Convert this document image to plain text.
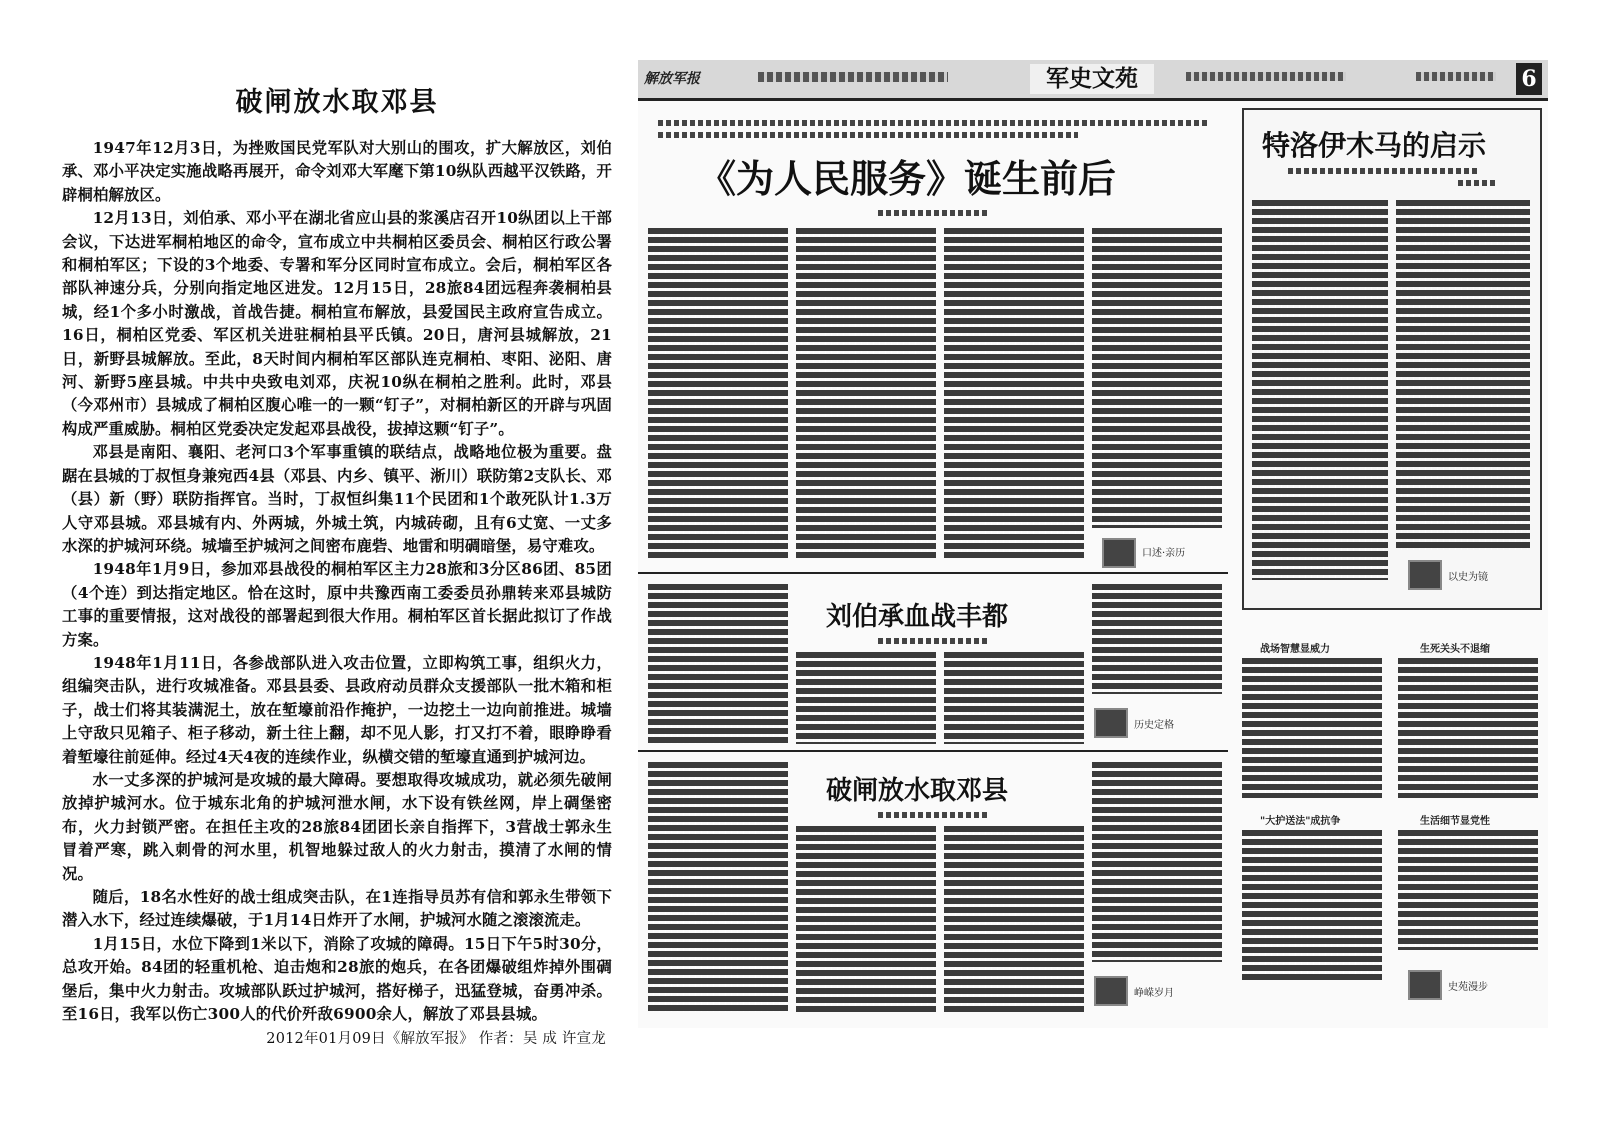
破闸放水取邓县

1947年12月3日，为挫败国民党军队对大别山的围攻，扩大解放区，刘伯承、邓小平决定实施战略再展开，命令刘邓大军麾下第10纵队西越平汉铁路，开辟桐柏解放区。

12月13日，刘伯承、邓小平在湖北省应山县的浆溪店召开10纵团以上干部会议，下达进军桐柏地区的命令，宣布成立中共桐柏区委员会、桐柏区行政公署和桐柏军区；下设的3个地委、专署和军分区同时宣布成立。会后，桐柏军区各部队神速分兵，分别向指定地区进发。12月15日，28旅84团远程奔袭桐柏县城，经1个多小时激战，首战告捷。桐柏宣布解放，县爱国民主政府宣告成立。16日，桐柏区党委、军区机关进驻桐柏县平氏镇。20日，唐河县城解放，21日，新野县城解放。至此，8天时间内桐柏军区部队连克桐柏、枣阳、泌阳、唐河、新野5座县城。中共中央致电刘邓，庆祝10纵在桐柏之胜利。此时，邓县（今邓州市）县城成了桐柏区腹心唯一的一颗“钉子”，对桐柏新区的开辟与巩固构成严重威胁。桐柏区党委决定发起邓县战役，拔掉这颗“钉子”。

邓县是南阳、襄阳、老河口3个军事重镇的联结点，战略地位极为重要。盘踞在县城的丁叔恒身兼宛西4县（邓县、内乡、镇平、淅川）联防第2支队长、邓（县）新（野）联防指挥官。当时，丁叔恒纠集11个民团和1个敢死队计1.3万人守邓县城。邓县城有内、外两城，外城土筑，内城砖砌，且有6丈宽、一丈多水深的护城河环绕。城墙至护城河之间密布鹿砦、地雷和明碉暗堡，易守难攻。

1948年1月9日，参加邓县战役的桐柏军区主力28旅和3分区86团、85团（4个连）到达指定地区。恰在这时，原中共豫西南工委委员孙鼎转来邓县城防工事的重要情报，这对战役的部署起到很大作用。桐柏军区首长据此拟订了作战方案。

1948年1月11日，各参战部队进入攻击位置，立即构筑工事，组织火力，组编突击队，进行攻城准备。邓县县委、县政府动员群众支援部队一批木箱和柜子，战士们将其装满泥土，放在堑壕前沿作掩护，一边挖土一边向前推进。城墙上守敌只见箱子、柜子移动，新土往上翻，却不见人影，打又打不着，眼睁睁看着堑壕往前延伸。经过4天4夜的连续作业，纵横交错的堑壕直通到护城河边。

水一丈多深的护城河是攻城的最大障碍。要想取得攻城成功，就必须先破闸放掉护城河水。位于城东北角的护城河泄水闸，水下设有铁丝网，岸上碉堡密布，火力封锁严密。在担任主攻的28旅84团团长亲自指挥下，3营战士郭永生冒着严寒，跳入刺骨的河水里，机智地躲过敌人的火力射击，摸清了水闸的情况。

随后，18名水性好的战士组成突击队，在1连指导员苏有信和郭永生带领下潜入水下，经过连续爆破，于1月14日炸开了水闸，护城河水随之滚滚流走。

1月15日，水位下降到1米以下，消除了攻城的障碍。15日下午5时30分，总攻开始。84团的轻重机枪、迫击炮和28旅的炮兵，在各团爆破组炸掉外围碉堡后，集中火力射击。攻城部队跃过护城河，搭好梯子，迅猛登城，奋勇冲杀。至16日，我军以伤亡300人的代价歼敌6900余人，解放了邓县县城。

2012年01月09日《解放军报》 作者：吴 成 许宣龙

解放军报	军史文苑	6
《为人民服务》诞生前后
口述·亲历
特洛伊木马的启示
以史为镜
刘伯承血战丰都
历史定格
破闸放水取邓县
峥嵘岁月
战场智慧显威力	生死关头不退缩
"大护送法"成抗争	生活细节显党性
史苑漫步
